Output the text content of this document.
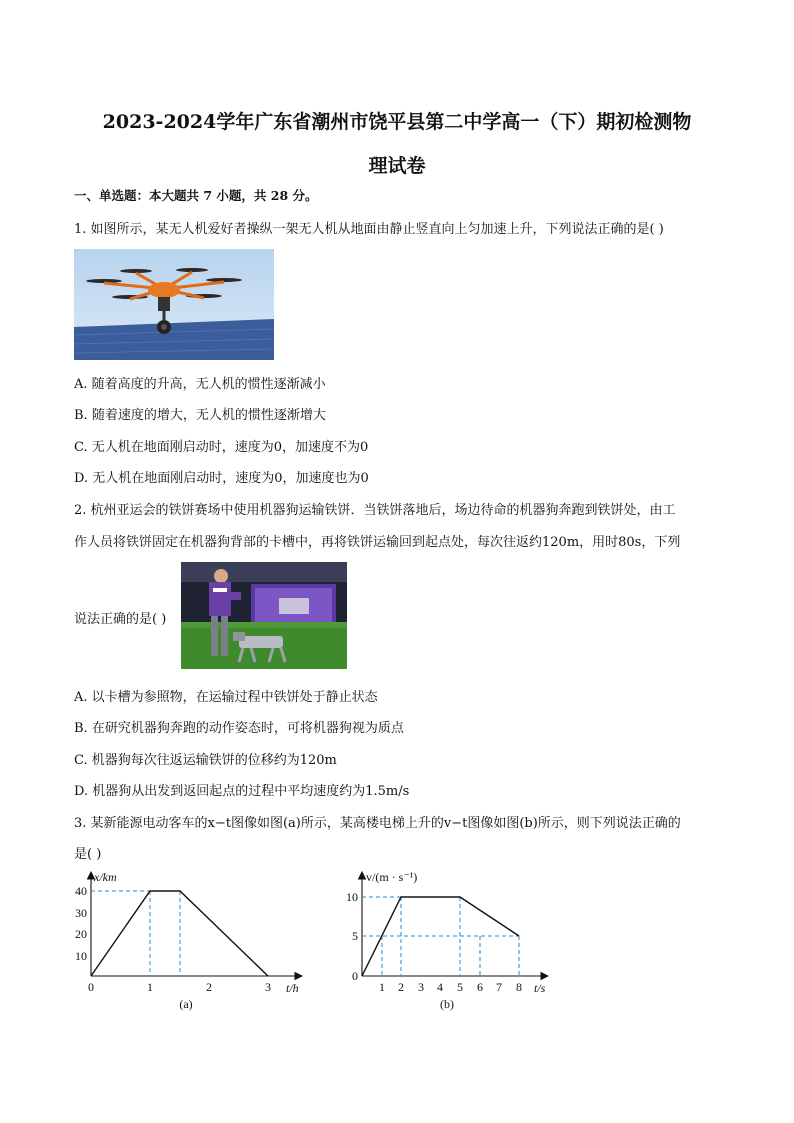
2023-2024学年广东省潮州市饶平县第二中学高一（下）期初检测物
理试卷
一、单选题：本大题共 7 小题，共 28 分。
1. 如图所示，某无人机爱好者操纵一架无人机从地面由静止竖直向上匀加速上升，下列说法正确的是( )
A. 随着高度的升高，无人机的惯性逐渐减小
B. 随着速度的增大，无人机的惯性逐渐增大
C. 无人机在地面刚启动时，速度为0，加速度不为0
D. 无人机在地面刚启动时，速度为0，加速度也为0
2. 杭州亚运会的铁饼赛场中使用机器狗运输铁饼．当铁饼落地后，场边待命的机器狗奔跑到铁饼处，由工
作人员将铁饼固定在机器狗背部的卡槽中，再将铁饼运输回到起点处，每次往返约120m，用时80s，下列
说法正确的是( )
A. 以卡槽为参照物，在运输过程中铁饼处于静止状态
B. 在研究机器狗奔跑的动作姿态时，可将机器狗视为质点
C. 机器狗每次往返运输铁饼的位移约为120m
D. 机器狗从出发到返回起点的过程中平均速度约为1.5m/s
3. 某新能源电动客车的x−t图像如图(a)所示，某高楼电梯上升的v−t图像如图(b)所示，则下列说法正确的
是( )
10
20
30
40
0	1	2	3
x/km
t/h
(a)
0
5
10
1 2 3 4 5 6 7 8
v/(m · s⁻¹)
t/s
(b)
